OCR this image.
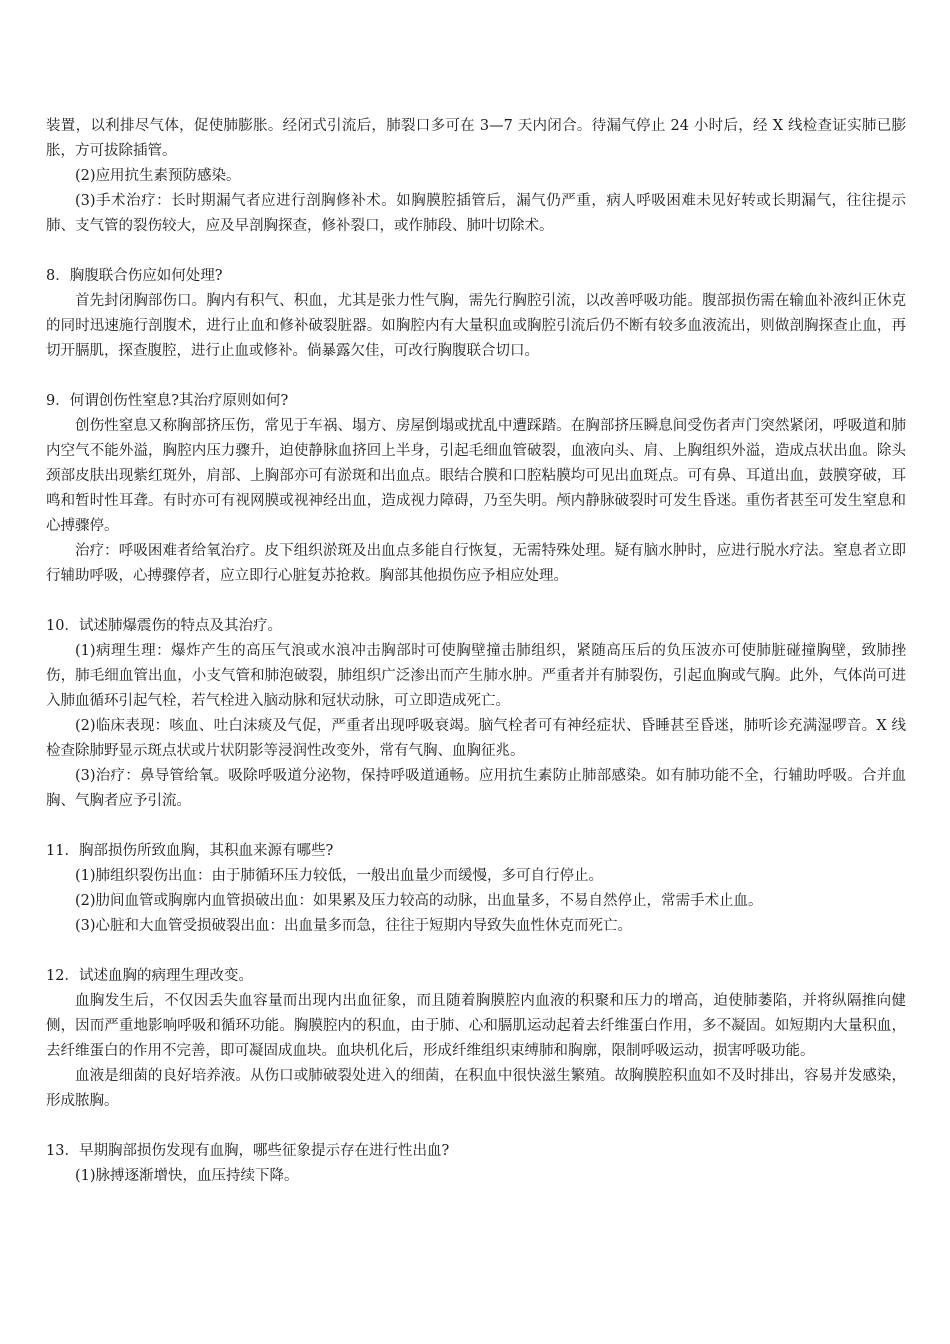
装置，以利排尽气体，促使肺膨胀。经闭式引流后，肺裂口多可在 3—7 天内闭合。待漏气停止 24 小时后，经 X 线检查证实肺已膨胀，方可拔除插管。

(2)应用抗生素预防感染。

(3)手术治疗：长时期漏气者应进行剖胸修补术。如胸膜腔插管后，漏气仍严重，病人呼吸困难未见好转或长期漏气，往往提示肺、支气管的裂伤较大，应及早剖胸探查，修补裂口，或作肺段、肺叶切除术。

8．胸腹联合伤应如何处理?

首先封闭胸部伤口。胸内有积气、积血，尤其是张力性气胸，需先行胸腔引流，以改善呼吸功能。腹部损伤需在输血补液纠正休克的同时迅速施行剖腹术，进行止血和修补破裂脏器。如胸腔内有大量积血或胸腔引流后仍不断有较多血液流出，则做剖胸探查止血，再切开膈肌，探查腹腔，进行止血或修补。倘暴露欠佳，可改行胸腹联合切口。

9．何谓创伤性窒息?其治疗原则如何?

创伤性窒息又称胸部挤压伤，常见于车祸、塌方、房屋倒塌或扰乱中遭踩踏。在胸部挤压瞬息间受伤者声门突然紧闭，呼吸道和肺内空气不能外溢，胸腔内压力骤升，迫使静脉血挤回上半身，引起毛细血管破裂，血液向头、肩、上胸组织外溢，造成点状出血。除头颈部皮肤出现紫红斑外，肩部、上胸部亦可有淤斑和出血点。眼结合膜和口腔粘膜均可见出血斑点。可有鼻、耳道出血，鼓膜穿破，耳鸣和暂时性耳聋。有时亦可有视网膜或视神经出血，造成视力障碍，乃至失明。颅内静脉破裂时可发生昏迷。重伤者甚至可发生窒息和心搏骤停。

治疗：呼吸困难者给氧治疗。皮下组织淤斑及出血点多能自行恢复，无需特殊处理。疑有脑水肿时，应进行脱水疗法。窒息者立即行辅助呼吸，心搏骤停者，应立即行心脏复苏抢救。胸部其他损伤应予相应处理。

10．试述肺爆震伤的特点及其治疗。

(1)病理生理：爆炸产生的高压气浪或水浪冲击胸部时可使胸壁撞击肺组织，紧随高压后的负压波亦可使肺脏碰撞胸壁，致肺挫伤，肺毛细血管出血，小支气管和肺泡破裂，肺组织广泛渗出而产生肺水肿。严重者并有肺裂伤，引起血胸或气胸。此外，气体尚可进入肺血循环引起气栓，若气栓进入脑动脉和冠状动脉，可立即造成死亡。

(2)临床表现：咳血、吐白沫痰及气促，严重者出现呼吸衰竭。脑气栓者可有神经症状、昏睡甚至昏迷，肺听诊充满湿啰音。X 线检查除肺野显示斑点状或片状阴影等浸润性改变外，常有气胸、血胸征兆。

(3)治疗：鼻导管给氧。吸除呼吸道分泌物，保持呼吸道通畅。应用抗生素防止肺部感染。如有肺功能不全，行辅助呼吸。合并血胸、气胸者应予引流。

11．胸部损伤所致血胸，其积血来源有哪些?

(1)肺组织裂伤出血：由于肺循环压力较低，一般出血量少而缓慢，多可自行停止。

(2)肋间血管或胸廓内血管损破出血：如果累及压力较高的动脉，出血量多，不易自然停止，常需手术止血。

(3)心脏和大血管受损破裂出血：出血量多而急，往往于短期内导致失血性休克而死亡。

12．试述血胸的病理生理改变。

血胸发生后，不仅因丢失血容量而出现内出血征象，而且随着胸膜腔内血液的积聚和压力的增高，迫使肺萎陷，并将纵隔推向健侧，因而严重地影响呼吸和循环功能。胸膜腔内的积血，由于肺、心和膈肌运动起着去纤维蛋白作用，多不凝固。如短期内大量积血，去纤维蛋白的作用不完善，即可凝固成血块。血块机化后，形成纤维组织束缚肺和胸廓，限制呼吸运动，损害呼吸功能。

血液是细菌的良好培养液。从伤口或肺破裂处进入的细菌，在积血中很快滋生繁殖。故胸膜腔积血如不及时排出，容易并发感染，形成脓胸。

13．早期胸部损伤发现有血胸，哪些征象提示存在进行性出血?

(1)脉搏逐渐增快，血压持续下降。
